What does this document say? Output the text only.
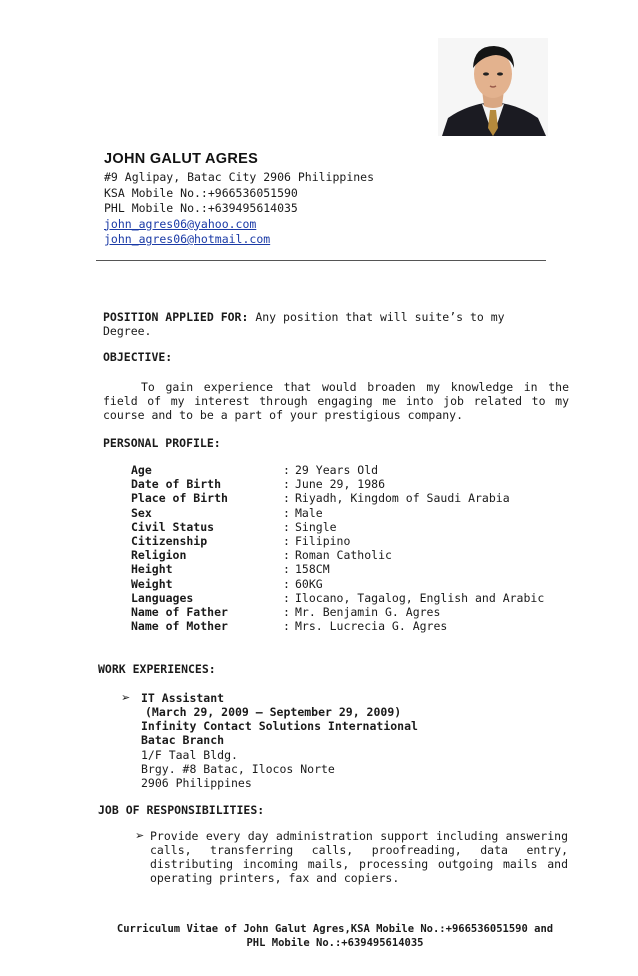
JOHN GALUT AGRES
#9 Aglipay, Batac City 2906 Philippines
KSA Mobile No.:+966536051590
PHL Mobile No.:+639495614035
john_agres06@yahoo.com
john_agres06@hotmail.com
POSITION APPLIED FOR: Any position that will suite’s to my
Degree.
OBJECTIVE:
To gain experience that would broaden my knowledge in the field of my interest through engaging me into job related to my course and to be a part of your prestigious company.
PERSONAL PROFILE:
Age	:	29 Years Old
Date of Birth	:	June 29, 1986
Place of Birth	:	Riyadh, Kingdom of Saudi Arabia
Sex	:	Male
Civil Status	:	Single
Citizenship	:	Filipino
Religion	:	Roman Catholic
Height	:	158CM
Weight	:	60KG
Languages	:	Ilocano, Tagalog, English and Arabic
Name of Father	:	Mr. Benjamin G. Agres
Name of Mother	:	Mrs. Lucrecia G. Agres
WORK EXPERIENCES:
➢ IT Assistant
(March 29, 2009 – September 29, 2009)
Infinity Contact Solutions International
Batac Branch
1/F Taal Bldg.
Brgy. #8 Batac, Ilocos Norte
2906 Philippines
JOB OF RESPONSIBILITIES:
➢ Provide every day administration support including answering calls, transferring calls, proofreading, data entry, distributing incoming mails, processing outgoing mails and operating printers, fax and copiers.
Curriculum Vitae of John Galut Agres,KSA Mobile No.:+966536051590 and
PHL Mobile No.:+639495614035
